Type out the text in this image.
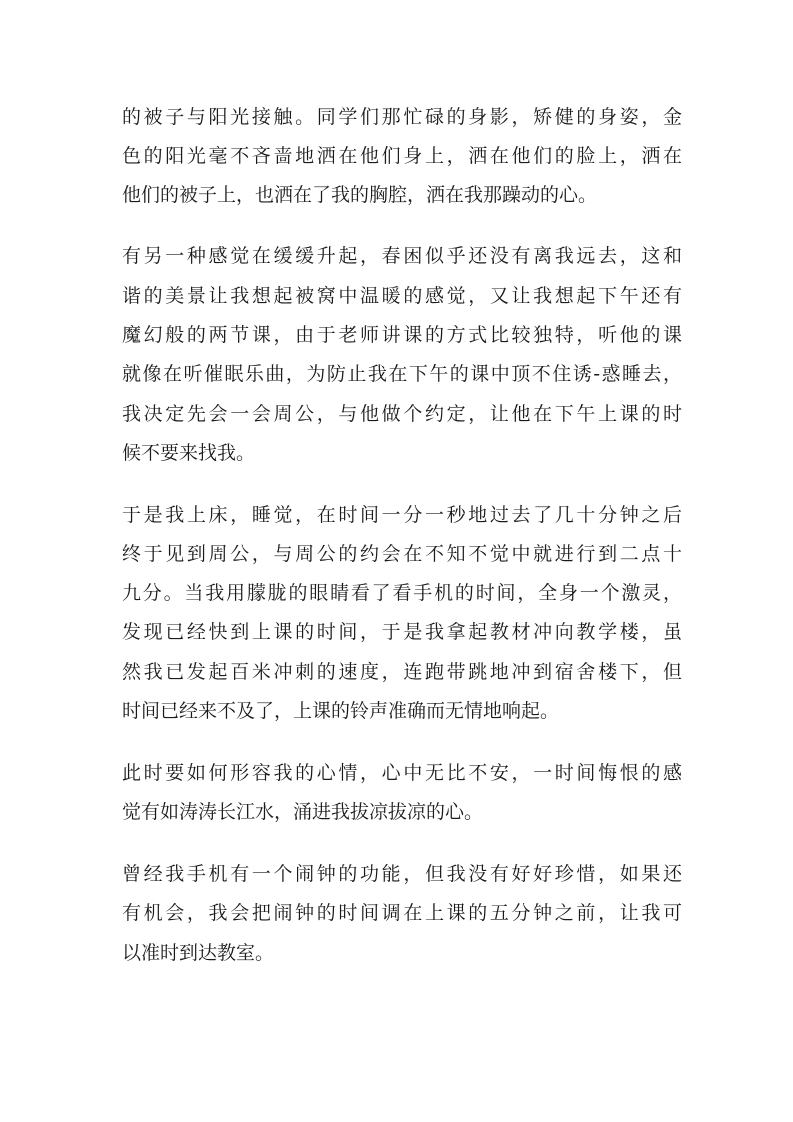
的被子与阳光接触。同学们那忙碌的身影，矫健的身姿，金
色的阳光毫不吝啬地洒在他们身上，洒在他们的脸上，洒在
他们的被子上，也洒在了我的胸腔，洒在我那躁动的心。
有另一种感觉在缓缓升起，春困似乎还没有离我远去，这和
谐的美景让我想起被窝中温暖的感觉，又让我想起下午还有
魔幻般的两节课，由于老师讲课的方式比较独特，听他的课
就像在听催眠乐曲，为防止我在下午的课中顶不住诱-惑睡去，
我决定先会一会周公，与他做个约定，让他在下午上课的时
候不要来找我。
于是我上床，睡觉，在时间一分一秒地过去了几十分钟之后
终于见到周公，与周公的约会在不知不觉中就进行到二点十
九分。当我用朦胧的眼睛看了看手机的时间，全身一个激灵，
发现已经快到上课的时间，于是我拿起教材冲向教学楼，虽
然我已发起百米冲刺的速度，连跑带跳地冲到宿舍楼下，但
时间已经来不及了，上课的铃声准确而无情地响起。
此时要如何形容我的心情，心中无比不安，一时间悔恨的感
觉有如涛涛长江水，涌进我拔凉拔凉的心。
曾经我手机有一个闹钟的功能，但我没有好好珍惜，如果还
有机会，我会把闹钟的时间调在上课的五分钟之前，让我可
以准时到达教室。
